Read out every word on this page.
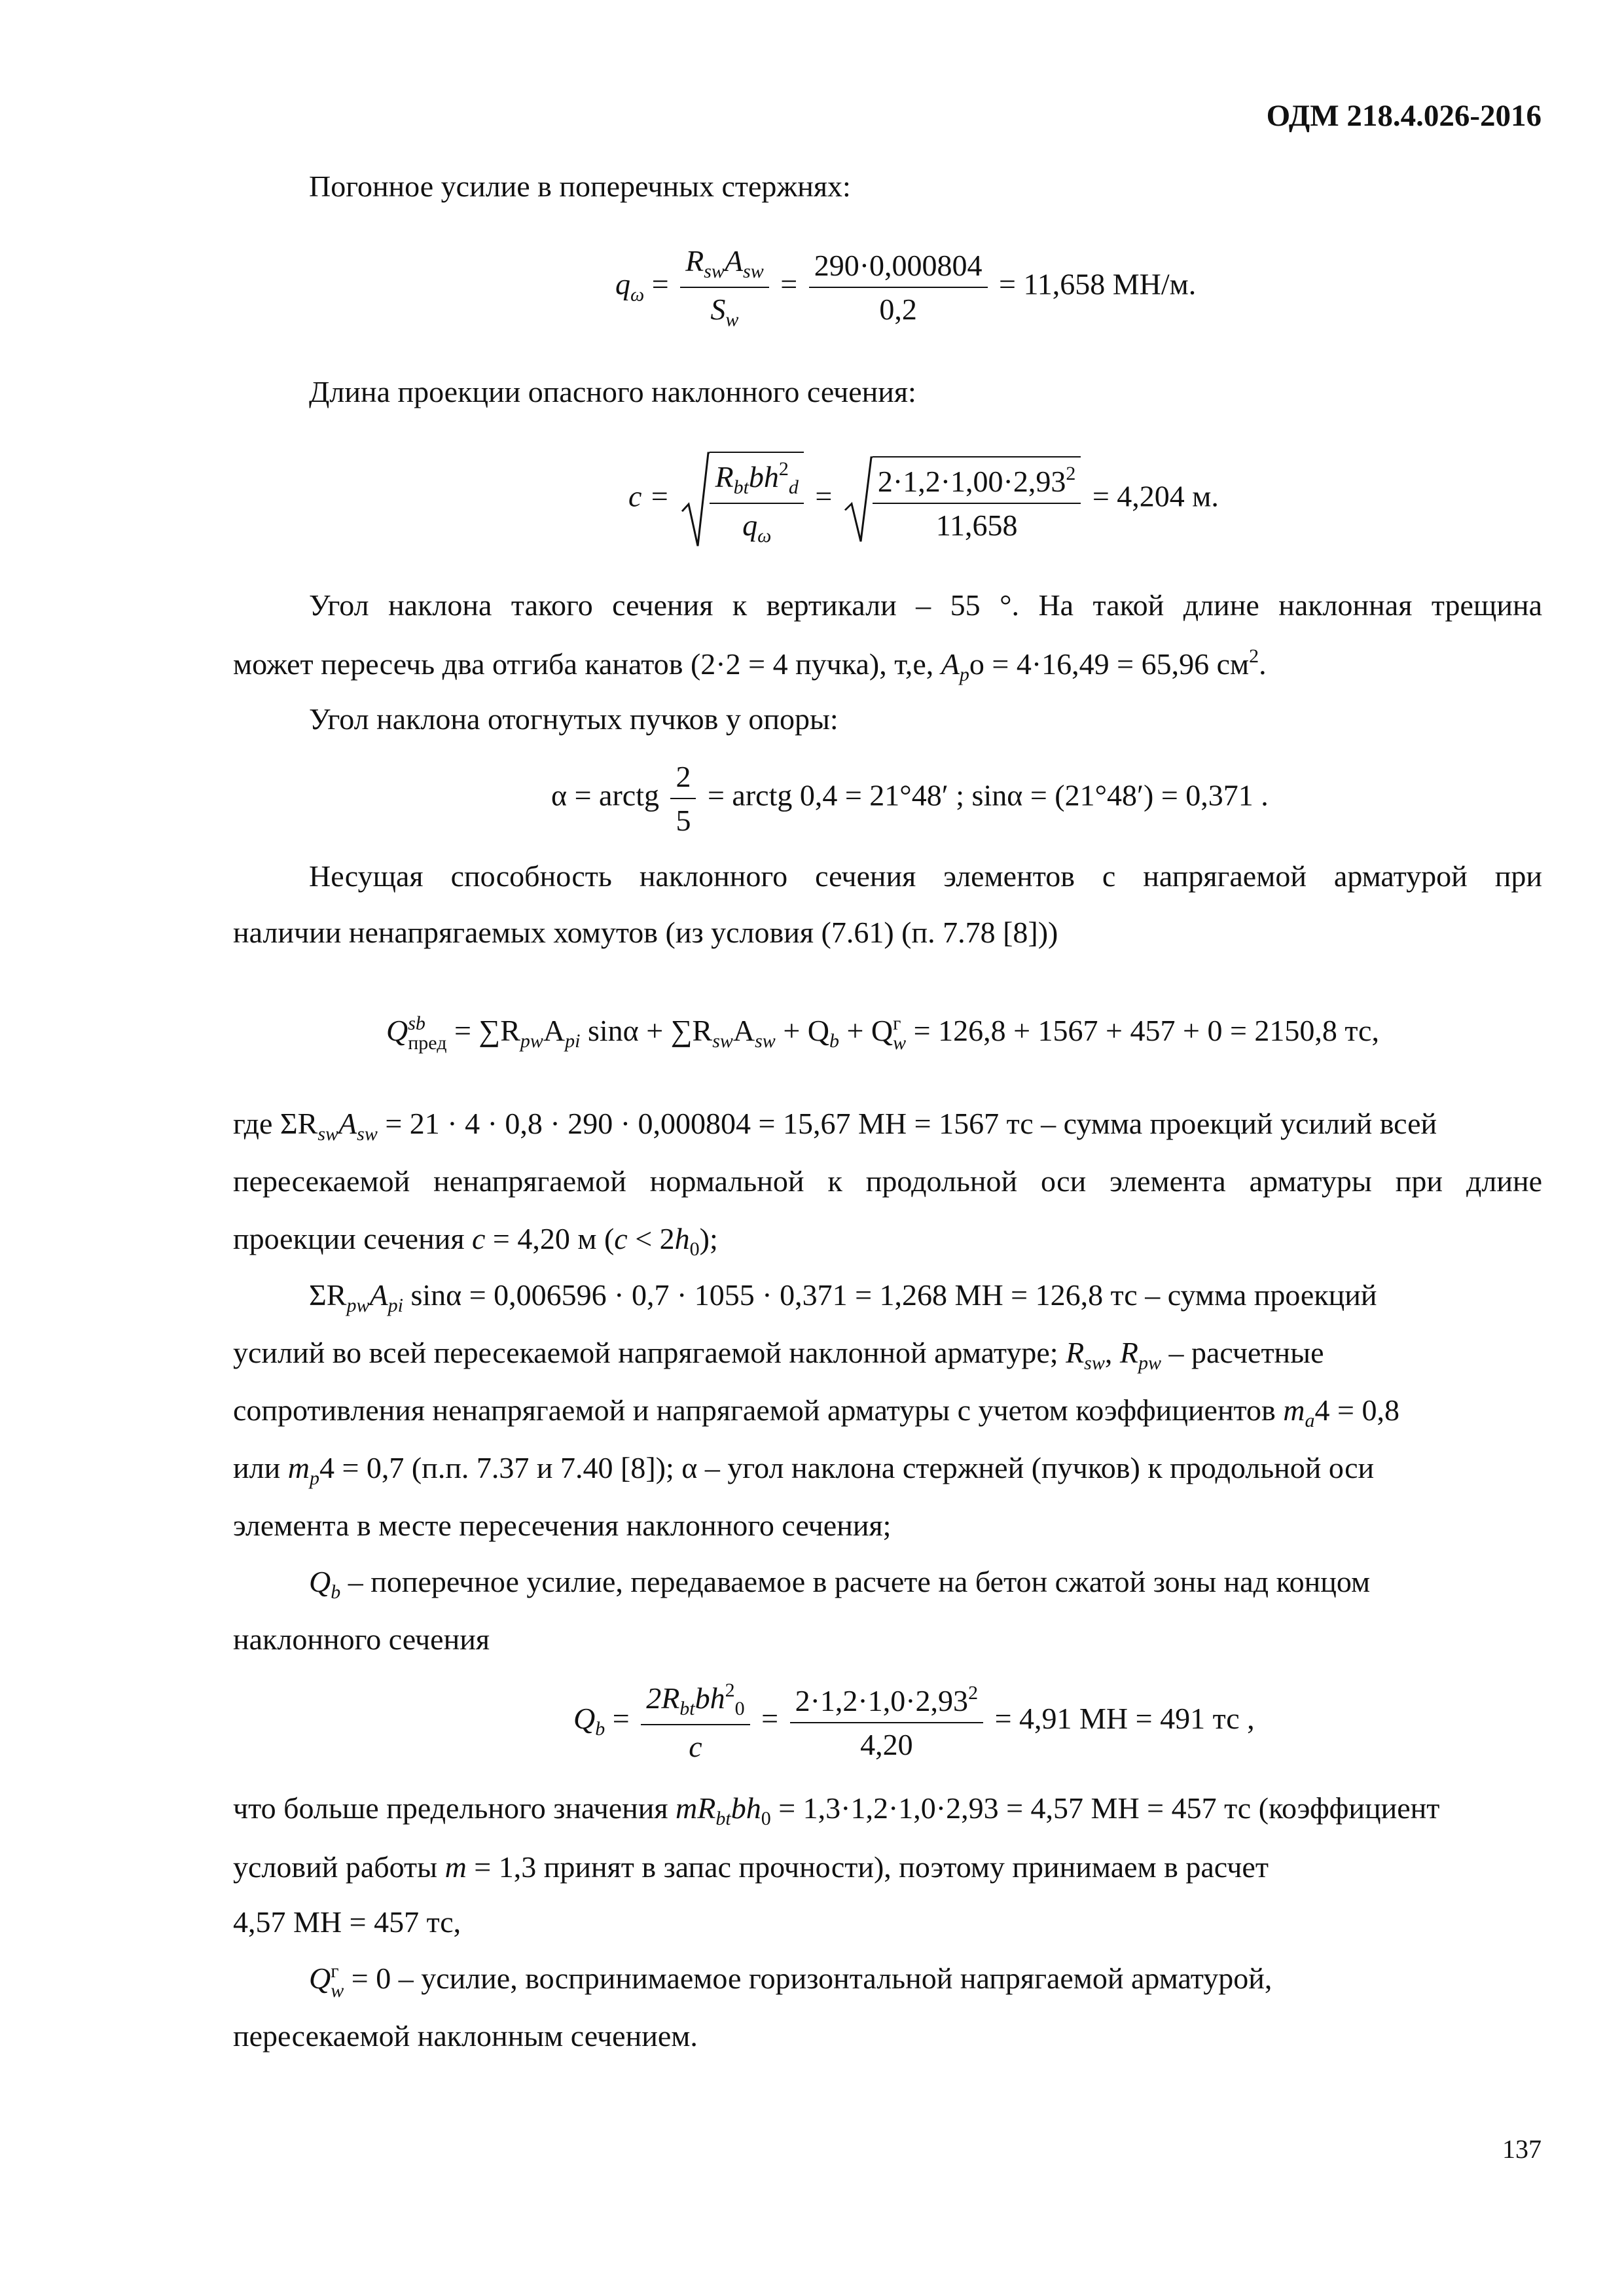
ОДМ 218.4.026-2016
Погонное усилие в поперечных стержнях:
$q_\omega = \frac{R_{sw}A_{sw}}{S_w} = \frac{290\cdot 0,000804}{0,2} = 11,658$ МН/м.
Длина проекции опасного наклонного сечения:
$c = \frac{R_{bt}bh^2_d}{q_\omega} = \frac{2\cdot 1,2\cdot 1,00\cdot 2,93^2}{11,658} = 4,204$ м.
Угол наклона такого сечения к вертикали – 55 °. На такой длине наклонная трещина
может пересечь два отгиба канатов (2·2 = 4 пучка), т,е, $A_po = 4\cdot 16,49 = 65,96$ $см^2$.
Угол наклона отогнутых пучков у опоры:
α = arctg $\frac{2}{5}$ = arctg 0,4 = 21°48′ ; sinα = (21°48′) = 0,371 .
Несущая способность наклонного сечения элементов с напрягаемой арматурой при
наличии ненапрягаемых хомутов (из условия (7.61) (п. 7.78 [8]))
Q sb
пред = $\sum R_{pw}A_{pi}$ $\sin\alpha + \sum R_{sw}A_{sw} + Q_b + Q$ г
w = 126,8 + 1567 + 457 + 0 = 2150,8 тс,
где $\Sigma R_{sw}A_{sw} = 21 \cdot 4 \cdot 0,8 \cdot 290 \cdot 0,000804 = 15,67$ МН = 1567 тс – сумма проекций усилий всей
пересекаемой ненапрягаемой нормальной к продольной оси элемента арматуры при длине
проекции сечения c = 4,20 м $(c < 2h_0)$;
$\Sigma R_{pw}A_{pi}$ sinα = 0,006596 · 0,7 · 1055 · 0,371 = 1,268 МН = 126,8 тс – сумма проекций
усилий во всей пересекаемой напрягаемой наклонной арматуре; $R_{sw}$, $R_{pw}$ – расчетные
сопротивления ненапрягаемой и напрягаемой арматуры с учетом коэффициентов $m_a4 = 0,8$
или $m_p4 = 0,7$ (п.п. 7.37 и 7.40 [8]); α – угол наклона стержней (пучков) к продольной оси
элемента в месте пересечения наклонного сечения;
$Q_b$ – поперечное усилие, передаваемое в расчете на бетон сжатой зоны над концом
наклонного сечения
$Q_b = \frac{2R_{bt}bh^2_0}{c} = \frac{2\cdot 1,2\cdot 1,0\cdot 2,93^2}{4,20} = 4,91$ МН = 491 тс ,
что больше предельного значения $mR_{bt}bh_0 = 1,3\cdot 1,2\cdot 1,0\cdot 2,93 = 4,57$ МН = 457 тс (коэффициент
условий работы m = 1,3 принят в запас прочности), поэтому принимаем в расчет
4,57 МН = 457 тс,
Q г
w = 0 – усилие, воспринимаемое горизонтальной напрягаемой арматурой,
пересекаемой наклонным сечением.
137
